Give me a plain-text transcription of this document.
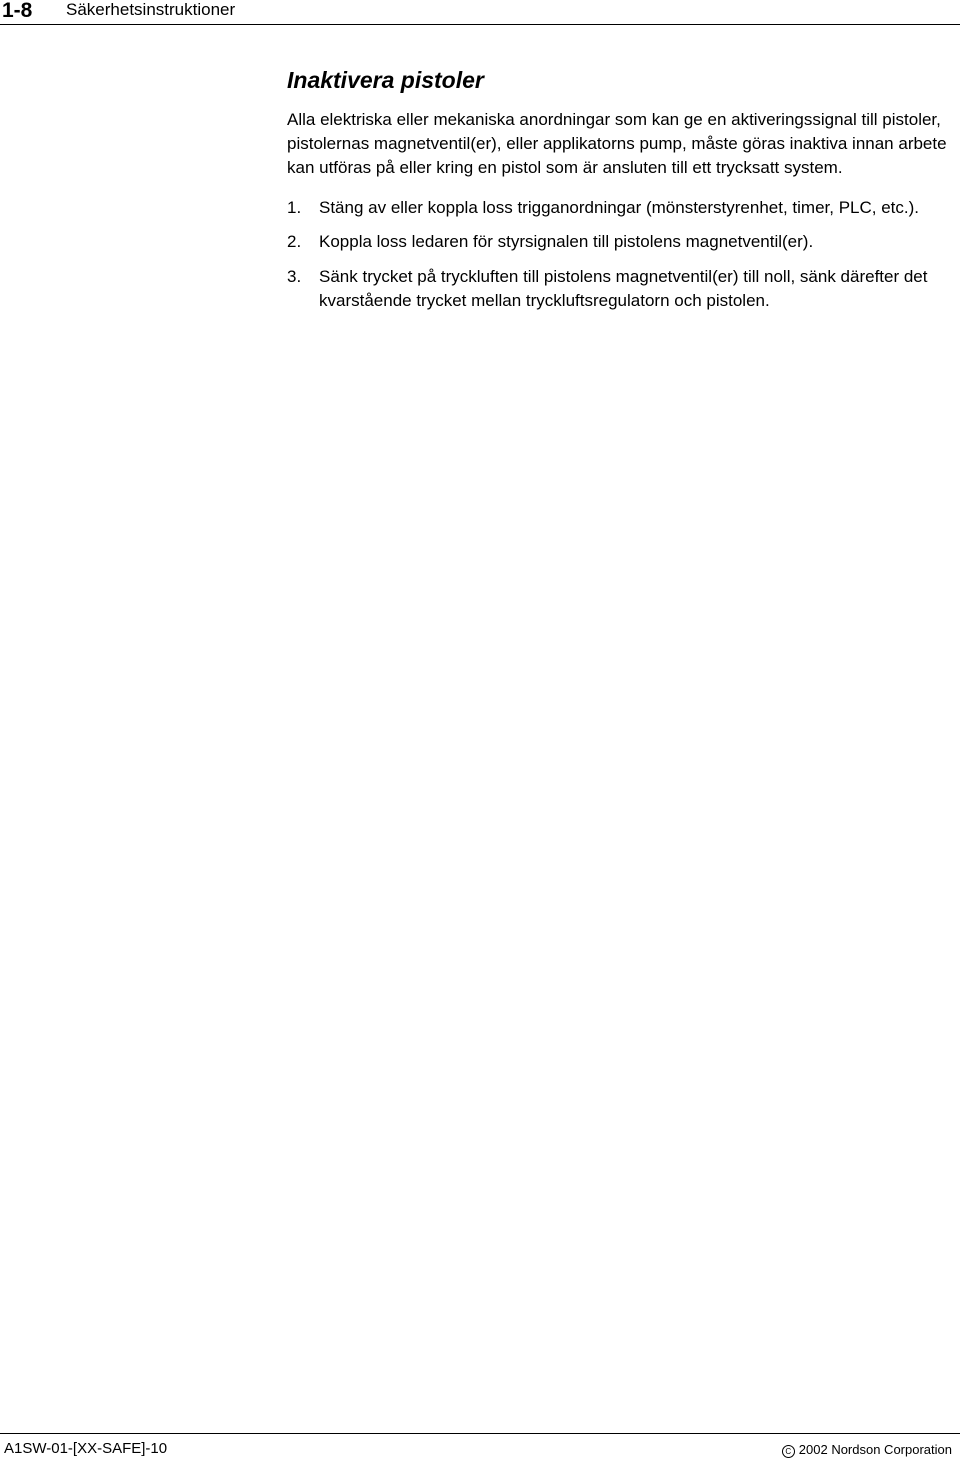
1-8 Säkerhetsinstruktioner
Inaktivera pistoler

Alla elektriska eller mekaniska anordningar som kan ge en aktiveringssignal till pistoler, pistolernas magnetventil(er), eller applikatorns pump, måste göras inaktiva innan arbete kan utföras på eller kring en pistol som är ansluten till ett trycksatt system.

1. Stäng av eller koppla loss trigganordningar (mönsterstyrenhet, timer, PLC, etc.).
2. Koppla loss ledaren för styrsignalen till pistolens magnetventil(er).
3. Sänk trycket på tryckluften till pistolens magnetventil(er) till noll, sänk därefter det kvarstående trycket mellan tryckluftsregulatorn och pistolen.
A1SW-01-[XX-SAFE]-10	C 2002 Nordson Corporation
